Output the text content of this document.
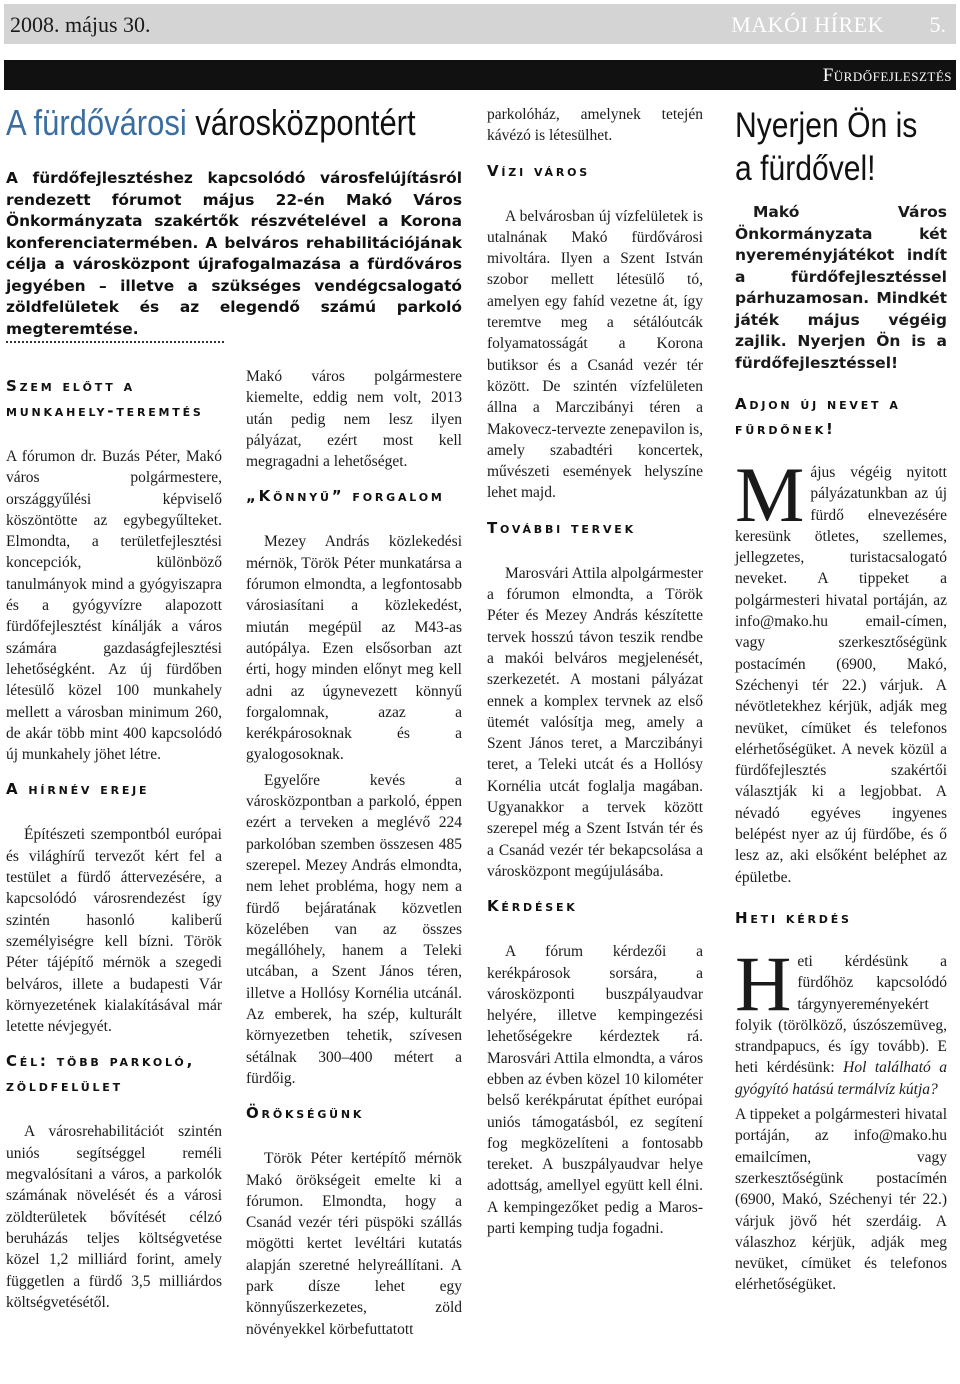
2008. május 30.	MAKÓI HÍREK 5.
Fürdőfejlesztés
A fürdővárosi városközpontért

A fürdőfejlesztéshez kapcsolódó városfelújításról rendezett fórumot május 22-én Makó Város Önkormányzata szakértők részvételével a Korona konferenciatermében. A belváros rehabilitációjának célja a városközpont újrafogalmazása a fürdőváros jegyében – illetve a szükséges vendégcsalogató zöldfelületek és az elegendő számú parkoló megteremtése.

Szem előtt a munkahely-teremtés

A fórumon dr. Buzás Péter, Makó város polgármestere, országgyűlési képviselő köszöntötte az egybegyűlteket. Elmondta, a területfejlesztési koncepciók, különböző tanulmányok mind a gyógyiszapra és a gyógyvízre alapozott fürdőfejlesztést kínálják a város számára gazdaságfejlesztési lehetőségként. Az új fürdőben létesülő közel 100 munkahely mellett a városban minimum 260, de akár több mint 400 kapcsolódó új munkahely jöhet létre.

A hírnév ereje

Építészeti szempontból európai és világhírű tervezőt kért fel a testület a fürdő áttervezésére, a kapcsolódó városrendezést így szintén hasonló kaliberű személyiségre kell bízni. Török Péter tájépítő mérnök a szegedi belváros, illete a budapesti Vár környezetének kialakításával már letette névjegyét.

Cél: több parkoló, zöldfelület

A városrehabilitációt szintén uniós segítséggel reméli megvalósítani a város, a parkolók számának növelését és a városi zöldterületek bővítését célzó beruházás teljes költségvetése közel 1,2 milliárd forint, amely független a fürdő 3,5 milliárdos költségvetésétől.

Makó város polgármestere kiemelte, eddig nem volt, 2013 után pedig nem lesz ilyen pályázat, ezért most kell megragadni a lehetőséget.

„Könnyű” forgalom

Mezey András közlekedési mérnök, Török Péter munkatársa a fórumon elmondta, a legfontosabb városiasítani a közlekedést, miután megépül az M43-as autópálya. Ezen elsősorban azt érti, hogy minden előnyt meg kell adni az úgynevezett könnyű forgalomnak, azaz a kerékpárosoknak és a gyalogosoknak.

Egyelőre kevés a városközpontban a parkoló, éppen ezért a terveken a meglévő 224 parkolóban szemben összesen 485 szerepel. Mezey András elmondta, nem lehet probléma, hogy nem a fürdő bejáratának közvetlen közelében van az összes megállóhely, hanem a Teleki utcában, a Szent János téren, illetve a Hollósy Kornélia utcánál. Az emberek, ha szép, kulturált környezetben tehetik, szívesen sétálnak 300–400 métert a fürdőig.

Örökségünk

Török Péter kertépítő mérnök Makó örökségeit emelte ki a fórumon. Elmondta, hogy a Csanád vezér téri püspöki szállás mögötti kertet levéltári kutatás alapján szeretné helyreállítani. A park dísze lehet egy könnyűszerkezetes, zöld növényekkel körbefuttatott

parkolóház, amelynek tetején kávézó is létesülhet.

Vízi város

A belvárosban új vízfelületek is utalnának Makó fürdővárosi mivoltára. Ilyen a Szent István szobor mellett létesülő tó, amelyen egy fahíd vezetne át, így teremtve meg a sétálóutcák folyamatosságát a Korona butiksor és a Csanád vezér tér között. De szintén vízfelületen állna a Marczibányi téren a Makovecz-tervezte zenepavilon is, amely szabadtéri koncertek, művészeti események helyszíne lehet majd.

További tervek

Marosvári Attila alpolgármester a fórumon elmondta, a Török Péter és Mezey András készítette tervek hosszú távon teszik rendbe a makói belváros megjelenését, szerkezetét. A mostani pályázat ennek a komplex tervnek az első ütemét valósítja meg, amely a Szent János teret, a Marczibányi teret, a Teleki utcát és a Hollósy Kornélia utcát foglalja magában. Ugyanakkor a tervek között szerepel még a Szent István tér és a Csanád vezér tér bekapcsolása a városközpont megújulásába.

Kérdések

A fórum kérdezői a kerékpárosok sorsára, a városközponti buszpályaudvar helyére, illetve kempingezési lehetőségekre kérdeztek rá. Marosvári Attila elmondta, a város ebben az évben közel 10 kilométer belső kerékpárutat építhet európai uniós támogatásból, ez segítení fog megközelíteni a fontosabb tereket. A buszpályaudvar helye adottság, amellyel együtt kell élni. A kempingezőket pedig a Maros-parti kemping tudja fogadni.

Nyerjen Ön is
a fürdővel!

Makó Város Önkormányzata két nyereményjátékot indít a fürdőfejlesztéssel párhuzamosan. Mindkét játék május végéig zajlik. Nyerjen Ön is a fürdőfejlesztéssel!

Adjon új nevet a fürdőnek!

Május végéig nyitott pályázatunkban az új fürdő elnevezésére keresünk ötletes, szellemes, jellegzetes, turistacsalogató neveket. A tippeket a polgármesteri hivatal portáján, az info@mako.hu email-címen, vagy szerkesztőségünk postacímén (6900, Makó, Széchenyi tér 22.) várjuk. A névötletekhez kérjük, adják meg nevüket, címüket és telefonos elérhetőségüket. A nevek közül a fürdőfejlesztés szakértői választják ki a legjobbat. A névadó egyéves ingyenes belépést nyer az új fürdőbe, és ő lesz az, aki elsőként beléphet az épületbe.

Heti kérdés

Heti kérdésünk a fürdőhöz kapcsolódó tárgynyereményekért folyik (törölköző, úszószemüveg, strandpapucs, és így tovább). E heti kérdésünk: Hol található a gyógyító hatású termálvíz kútja?

A tippeket a polgármesteri hivatal portáján, az info@mako.hu emailcímen, vagy szerkesztőségünk postacímén (6900, Makó, Széchenyi tér 22.) várjuk jövő hét szerdáig. A válaszhoz kérjük, adják meg nevüket, címüket és telefonos elérhetőségüket.
